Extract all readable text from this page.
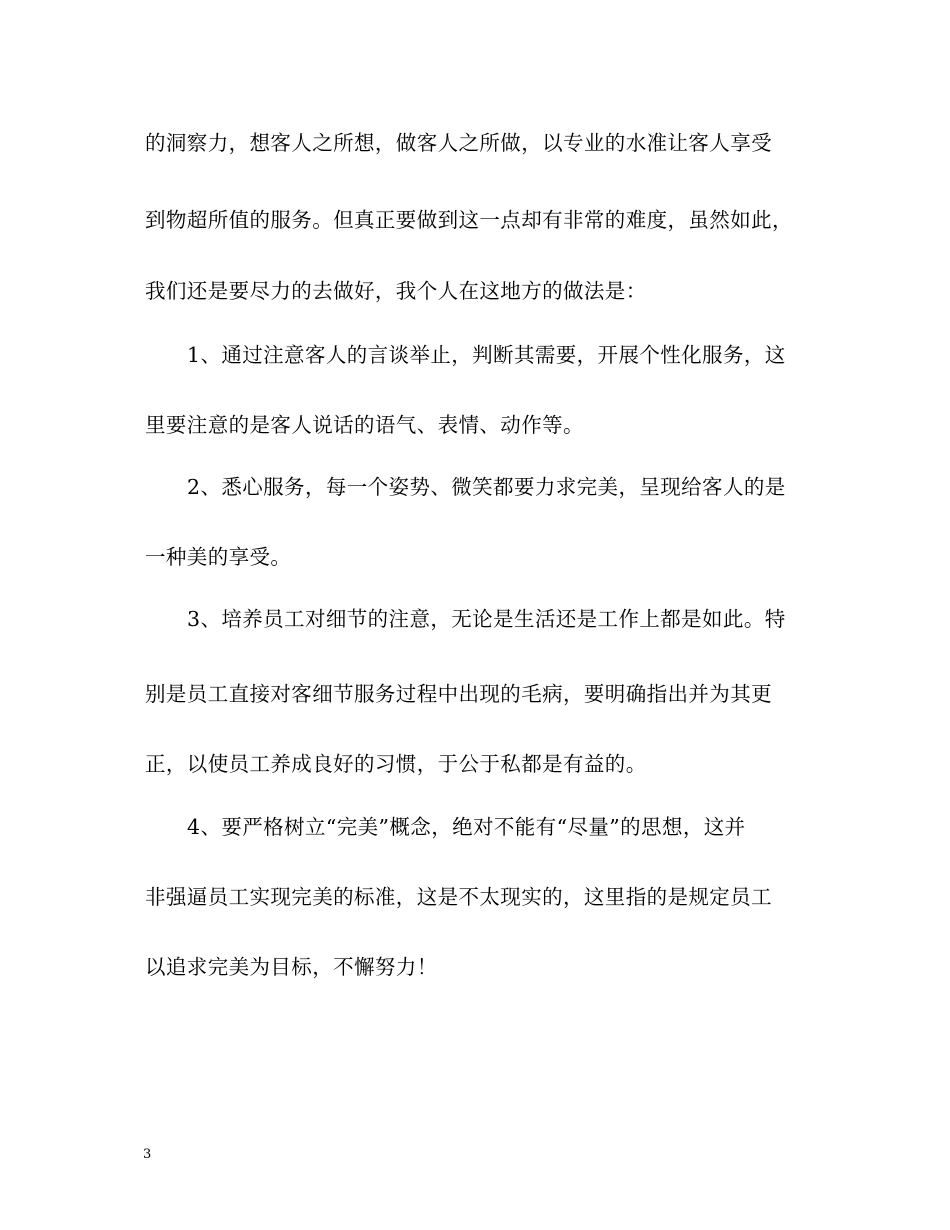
的洞察力，想客人之所想，做客人之所做，以专业的水准让客人享受
到物超所值的服务。但真正要做到这一点却有非常的难度，虽然如此，
我们还是要尽力的去做好，我个人在这地方的做法是：
1、通过注意客人的言谈举止，判断其需要，开展个性化服务，这
里要注意的是客人说话的语气、表情、动作等。
2、悉心服务，每一个姿势、微笑都要力求完美，呈现给客人的是
一种美的享受。
3、培养员工对细节的注意，无论是生活还是工作上都是如此。特
别是员工直接对客细节服务过程中出现的毛病，要明确指出并为其更
正，以使员工养成良好的习惯，于公于私都是有益的。
4、要严格树立“完美”概念，绝对不能有“尽量”的思想，这并
非强逼员工实现完美的标准，这是不太现实的，这里指的是规定员工
以追求完美为目标，不懈努力！
3
